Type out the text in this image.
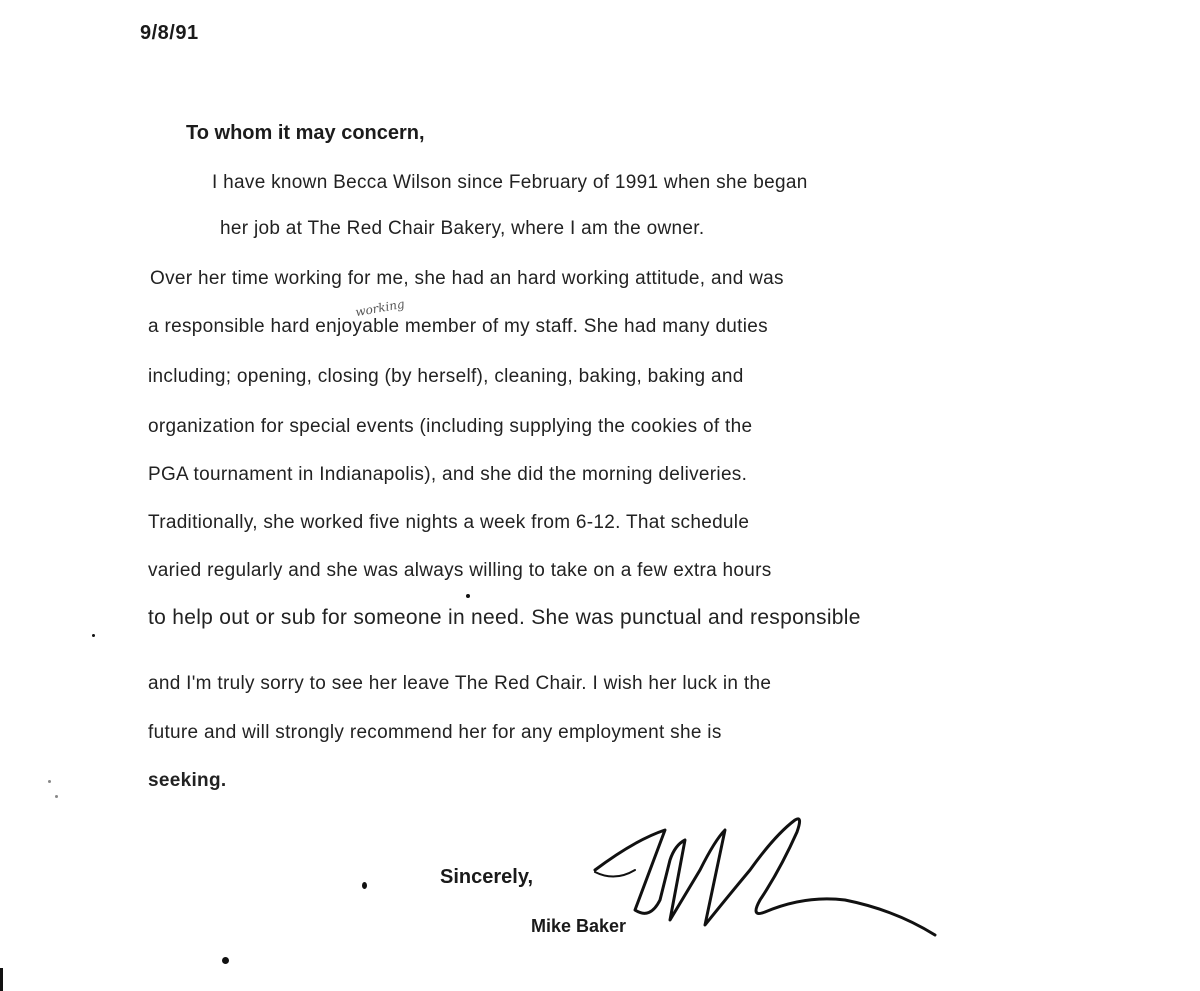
9/8/91
To whom it may concern,
I have known Becca Wilson since February of 1991 when she began
her job at The Red Chair Bakery, where I am the owner.
Over her time working for me, she had an hard working attitude, and was
a responsible hard enjoyable member of my staff. She had many duties
working
including; opening, closing (by herself), cleaning, baking, baking and
organization for special events (including supplying the cookies of the
PGA tournament in Indianapolis), and she did the morning deliveries.
Traditionally, she worked five nights a week from 6-12. That schedule
varied regularly and she was always willing to take on a few extra hours
to help out or sub for someone in need. She was punctual and responsible
and I'm truly sorry to see her leave The Red Chair. I wish her luck in the
future and will strongly recommend her for any employment she is
seeking.
Sincerely,
Mike Baker
